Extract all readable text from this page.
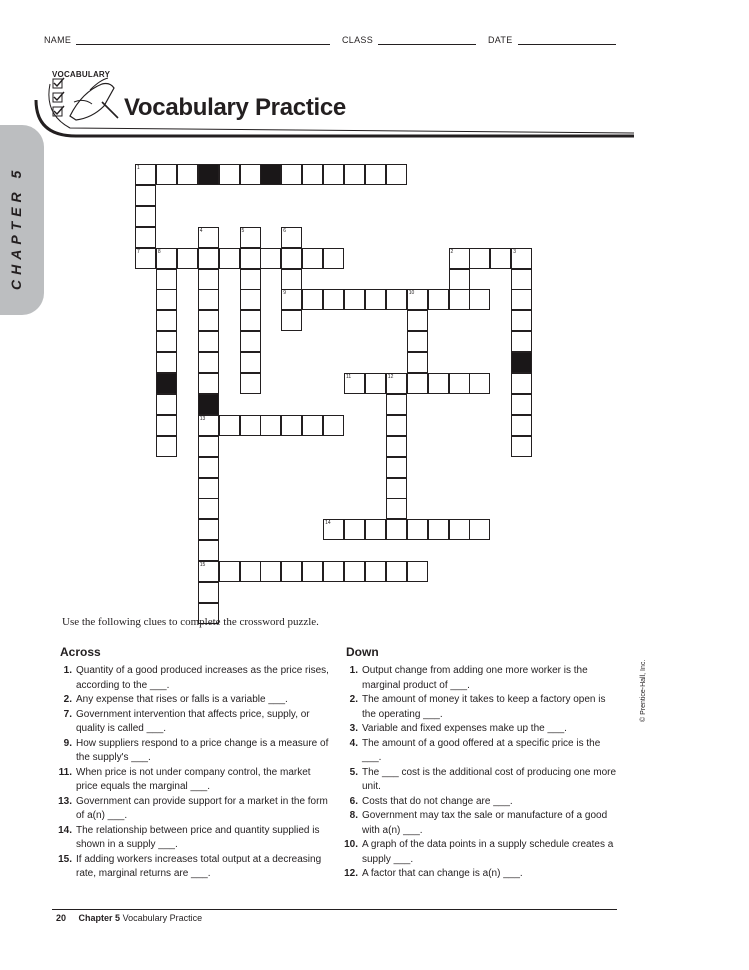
NAME	CLASS	DATE
CHAPTER 5
VOCABULARY
Vocabulary Practice
1
7	8
4
13
15
5	6
9
2	3
10
11	12
14
Use the following clues to complete the crossword puzzle.
Across	Down
1. Quantity of a good produced increases as the price rises, according to the ___.
2. Any expense that rises or falls is a variable ___.
7. Government intervention that affects price, supply, or quality is called ___.
9. How suppliers respond to a price change is a measure of the supply's ___.
11. When price is not under company control, the market price equals the marginal ___.
13. Government can provide support for a market in the form of a(n) ___.
14. The relationship between price and quantity supplied is shown in a supply ___.
15. If adding workers increases total output at a decreasing rate, marginal returns are ___.
1. Output change from adding one more worker is the marginal product of ___.
2. The amount of money it takes to keep a factory open is the operating ___.
3. Variable and fixed expenses make up the ___.
4. The amount of a good offered at a specific price is the ___.
5. The ___ cost is the additional cost of producing one more unit.
6. Costs that do not change are ___.
8. Government may tax the sale or manufacture of a good with a(n) ___.
10. A graph of the data points in a supply schedule creates a supply ___.
12. A factor that can change is a(n) ___.
© Prentice-Hall, Inc.
20 Chapter 5 Vocabulary Practice
